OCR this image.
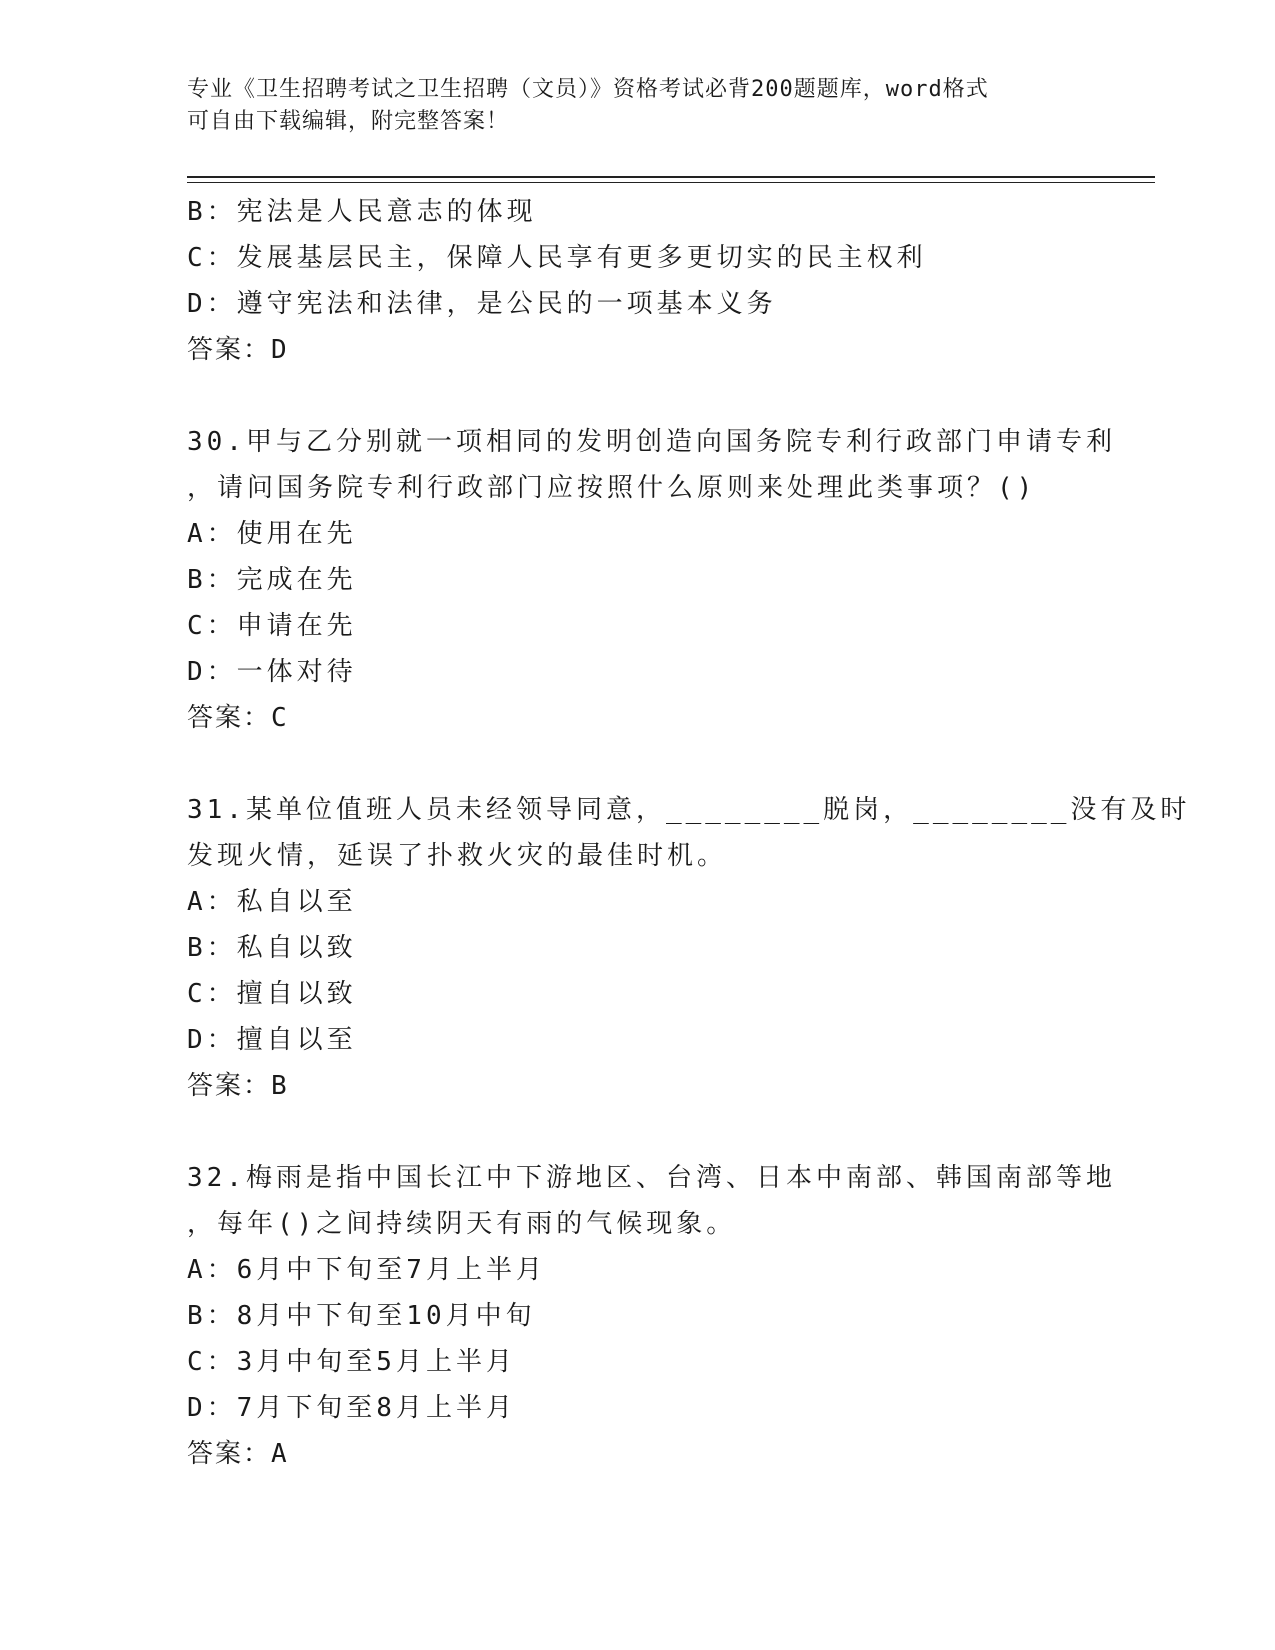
专业《卫生招聘考试之卫生招聘（文员）》资格考试必背200题题库，word格式
可自由下载编辑，附完整答案！
B：宪法是人民意志的体现
C：发展基层民主，保障人民享有更多更切实的民主权利
D：遵守宪法和法律，是公民的一项基本义务
答案：D
30.甲与乙分别就一项相同的发明创造向国务院专利行政部门申请专利
，请问国务院专利行政部门应按照什么原则来处理此类事项？()
A：使用在先
B：完成在先
C：申请在先
D：一体对待
答案：C
31.某单位值班人员未经领导同意，________脱岗，________没有及时
发现火情，延误了扑救火灾的最佳时机。
A：私自以至
B：私自以致
C：擅自以致
D：擅自以至
答案：B
32.梅雨是指中国长江中下游地区、台湾、日本中南部、韩国南部等地
，每年()之间持续阴天有雨的气候现象。
A：6月中下旬至7月上半月
B：8月中下旬至10月中旬
C：3月中旬至5月上半月
D：7月下旬至8月上半月
答案：A
